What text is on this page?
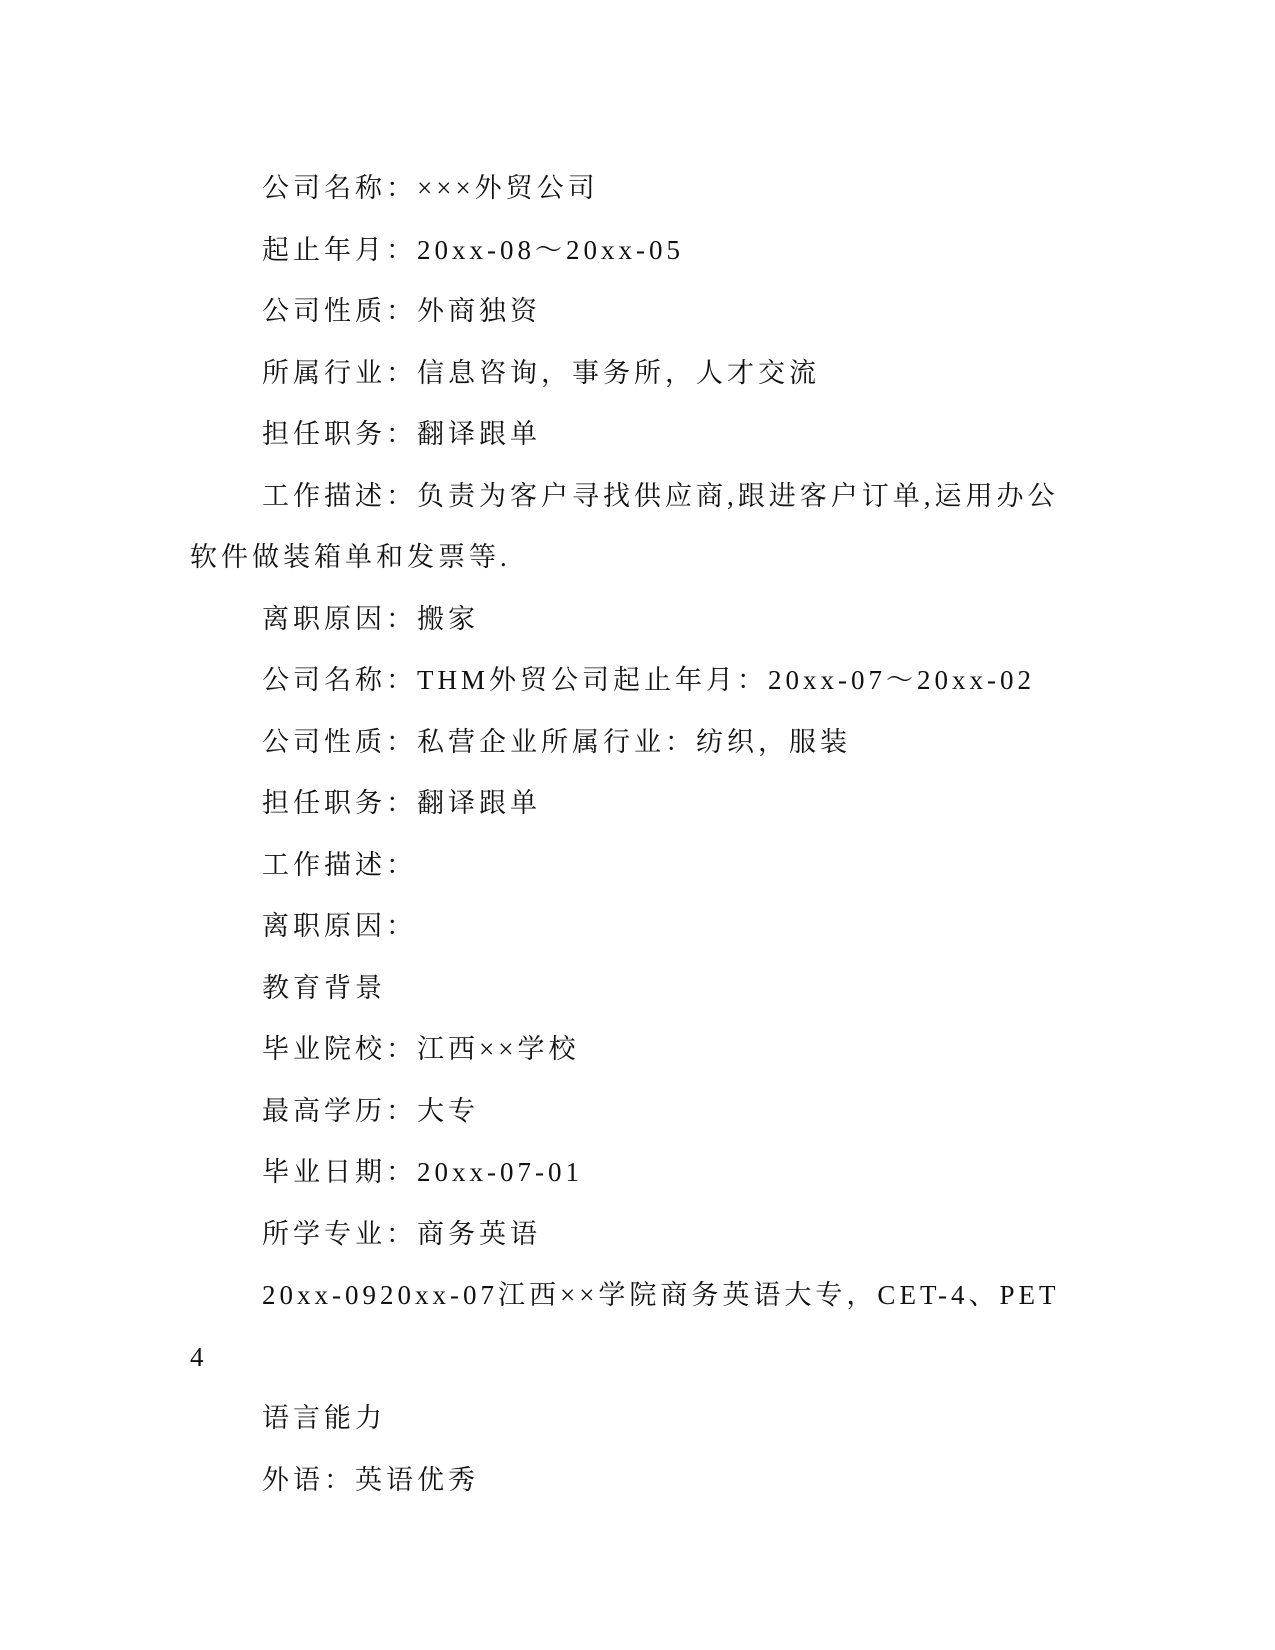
公司名称：×××外贸公司

起止年月：20xx-08～20xx-05

公司性质：外商独资

所属行业：信息咨询，事务所，人才交流

担任职务：翻译跟单

工作描述：负责为客户寻找供应商,跟进客户订单,运用办公软件做装箱单和发票等.

离职原因：搬家

公司名称：THM外贸公司起止年月：20xx-07～20xx-02

公司性质：私营企业所属行业：纺织，服装

担任职务：翻译跟单

工作描述：

离职原因：

教育背景

毕业院校：江西××学校

最高学历：大专

毕业日期：20xx-07-01

所学专业：商务英语

20xx-0920xx-07江西××学院商务英语大专，CET-4、PET4

语言能力

外语：英语优秀
